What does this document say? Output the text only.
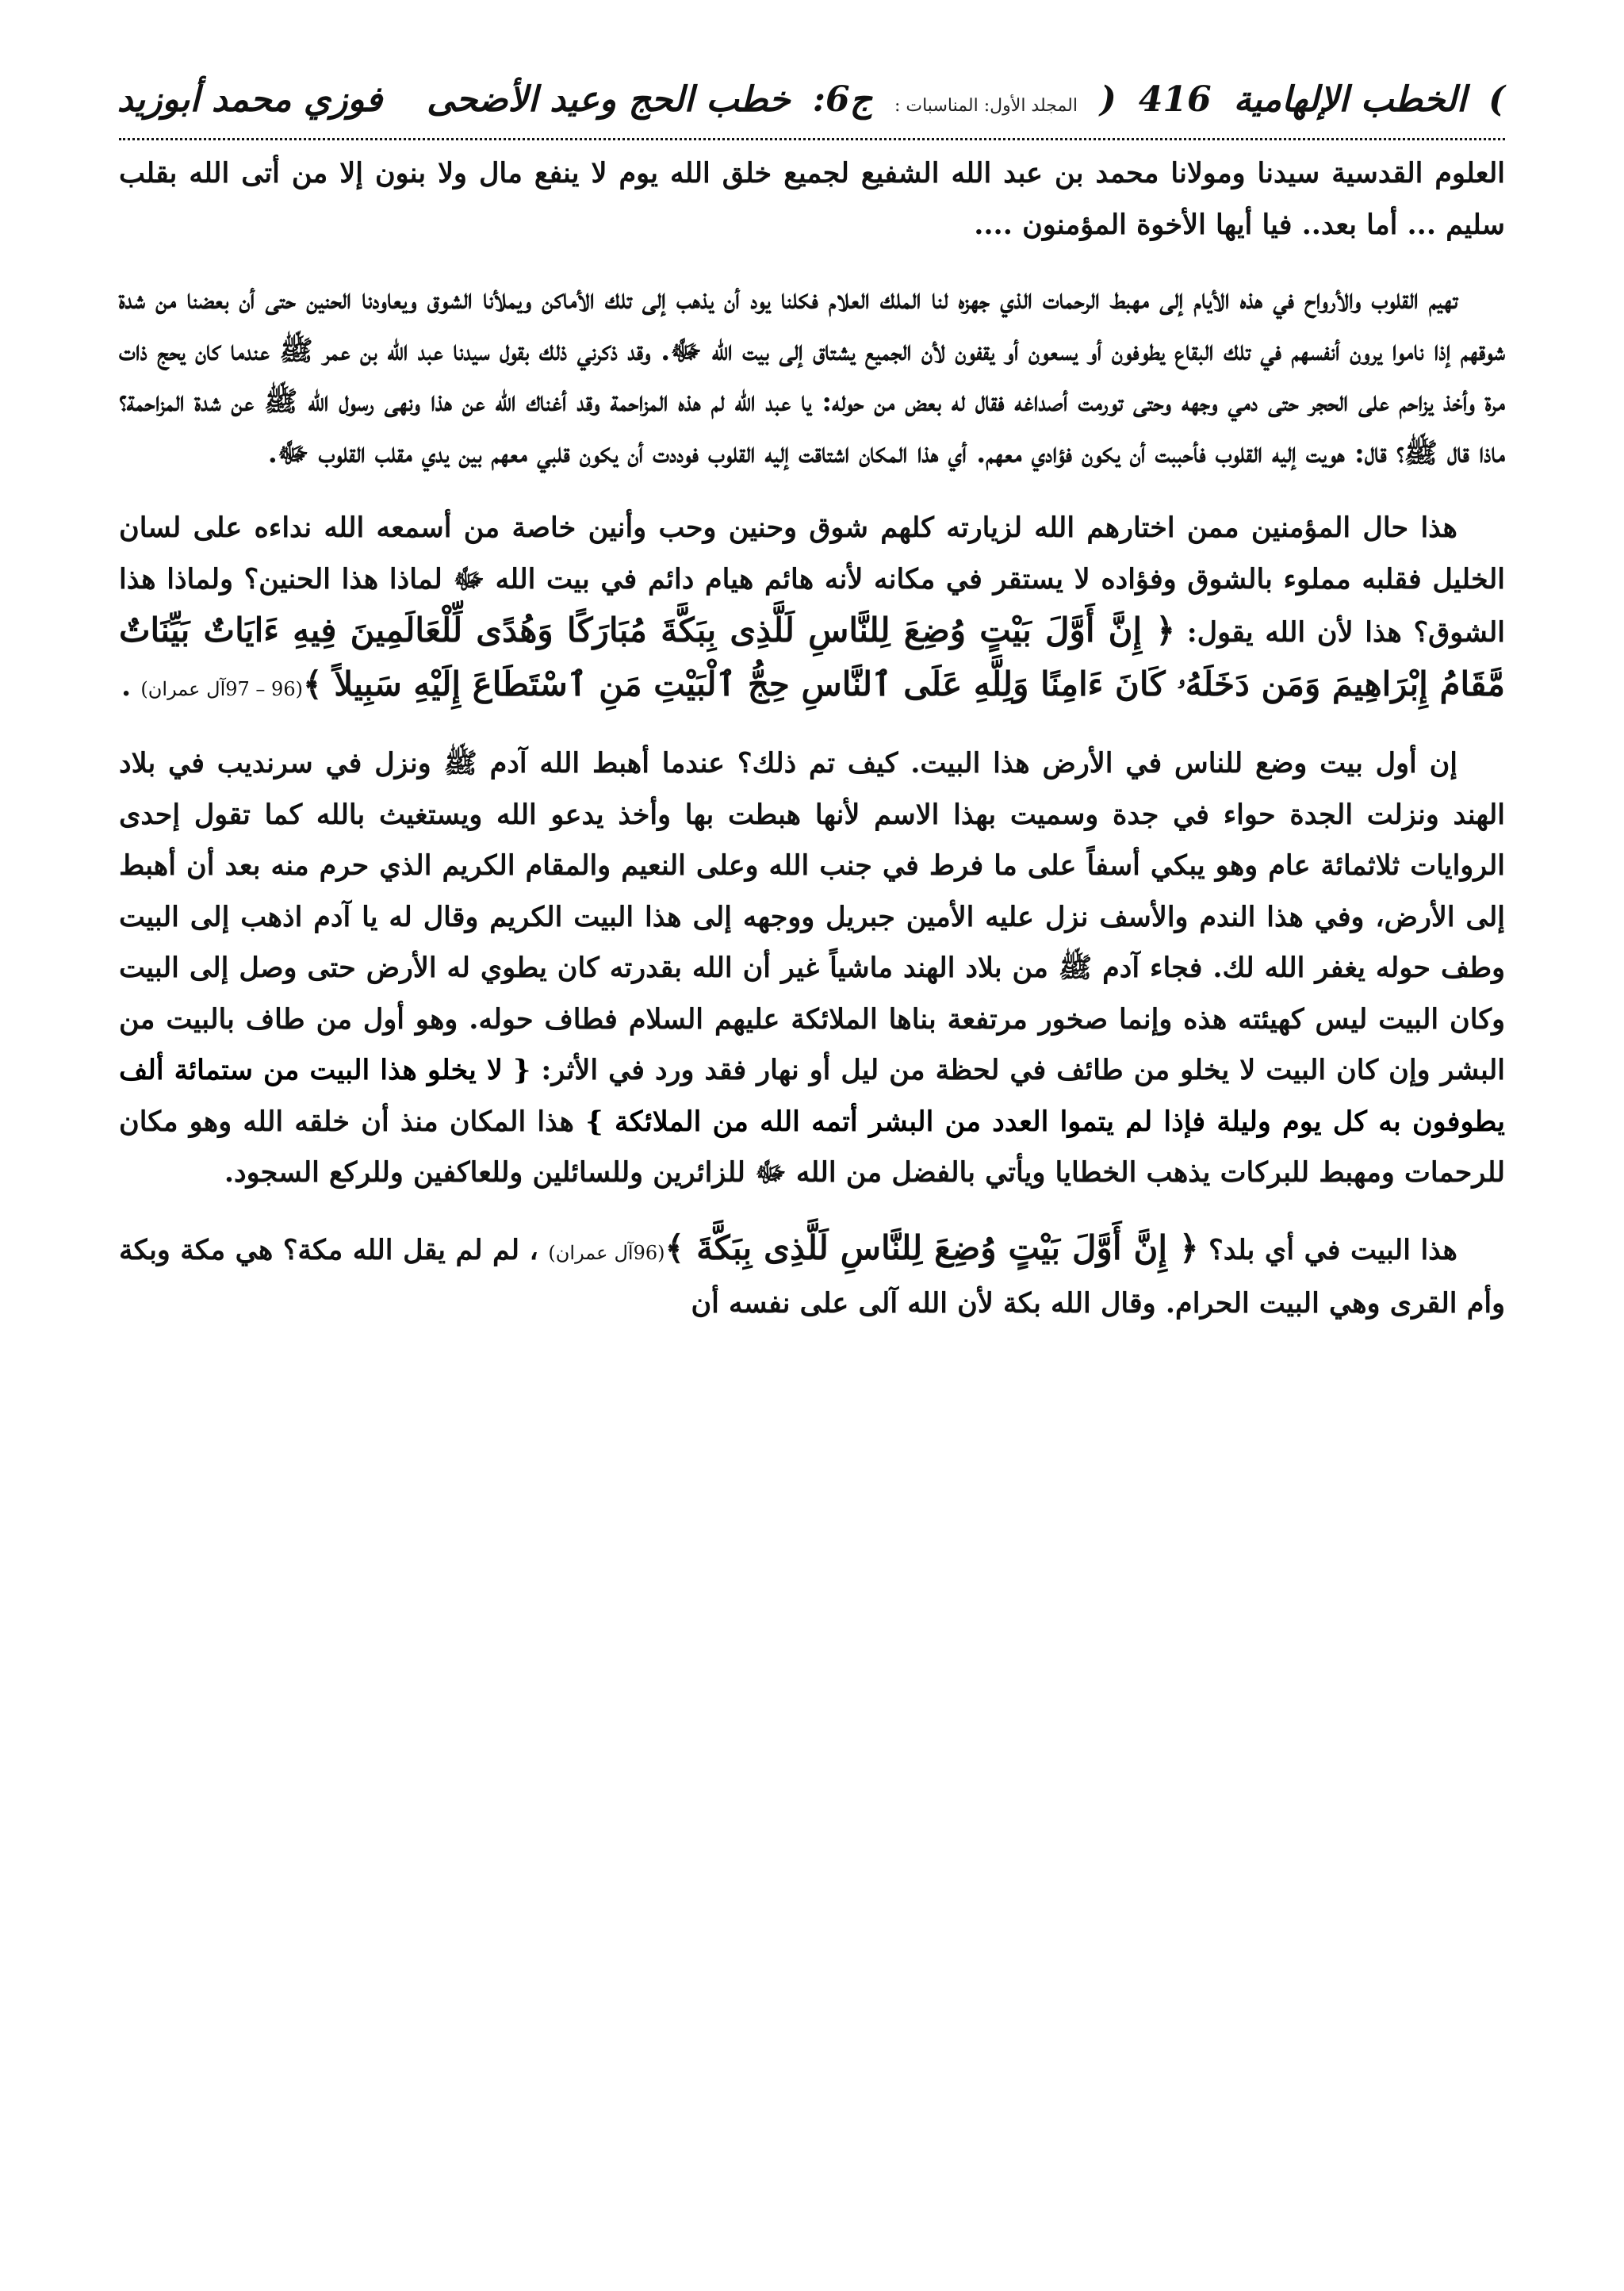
)
الخطب الإلهامية
416
(
المجلد الأول: المناسبات :
ج6:
خطب الحج وعيد الأضحى
فوزي محمد أبوزيد

العلوم القدسية سيدنا ومولانا محمد بن عبد الله الشفيع لجميع خلق الله يوم لا ينفع مال ولا بنون إلا من أتى الله بقلب سليم ... أما بعد.. فيا أيها الأخوة المؤمنون ....

تهيم القلوب والأرواح في هذه الأيام إلى مهبط الرحمات الذي جهزه لنا الملك العلام فكلنا يود أن يذهب إلى تلك الأماكن ويملأنا الشوق ويعاودنا الحنين حتى أن بعضنا من شدة شوقهم إذا ناموا يرون أنفسهم في تلك البقاع يطوفون أو يسعون أو يقفون لأن الجميع يشتاق إلى بيت الله ﷻ. وقد ذكرني ذلك بقول سيدنا عبد الله بن عمر ﷺ عندما كان يحج ذات مرة وأخذ يزاحم على الحجر حتى دمي وجهه وحتى تورمت أصداغه فقال له بعض من حوله: يا عبد الله لم هذه المزاحمة وقد أغناك الله عن هذا ونهى رسول الله ﷺ عن شدة المزاحمة؟ ماذا قال ﷺ؟ قال: هويت إليه القلوب فأحببت أن يكون فؤادي معهم. أي هذا المكان اشتاقت إليه القلوب فوددت أن يكون قلبي معهم بين يدي مقلب القلوب ﷻ.

هذا حال المؤمنين ممن اختارهم الله لزيارته كلهم شوق وحنين وحب وأنين خاصة من أسمعه الله نداءه على لسان الخليل فقلبه مملوء بالشوق وفؤاده لا يستقر في مكانه لأنه هائم هيام دائم في بيت الله ﷻ لماذا هذا الحنين؟ ولماذا هذا الشوق؟ هذا لأن الله يقول: ﴿ إِنَّ أَوَّلَ بَيْتٍ وُضِعَ لِلنَّاسِ لَلَّذِى بِبَكَّةَ مُبَارَكًا وَهُدًى لِّلْعَالَمِينَ فِيهِ ءَايَاتٌ بَيِّنَاتٌ مَّقَامُ إِبْرَاهِيمَ وَمَن دَخَلَهُۥ كَانَ ءَامِنًا وَلِلَّهِ عَلَى ٱلنَّاسِ حِجُّ ٱلْبَيْتِ مَنِ ٱسْتَطَاعَ إِلَيْهِ سَبِيلاً ﴾(96 – 97آل عمران) .

إن أول بيت وضع للناس في الأرض هذا البيت. كيف تم ذلك؟ عندما أهبط الله آدم ﷺ ونزل في سرنديب في بلاد الهند ونزلت الجدة حواء في جدة وسميت بهذا الاسم لأنها هبطت بها وأخذ يدعو الله ويستغيث بالله كما تقول إحدى الروايات ثلاثمائة عام وهو يبكي أسفاً على ما فرط في جنب الله وعلى النعيم والمقام الكريم الذي حرم منه بعد أن أهبط إلى الأرض، وفي هذا الندم والأسف نزل عليه الأمين جبريل ووجهه إلى هذا البيت الكريم وقال له يا آدم اذهب إلى البيت وطف حوله يغفر الله لك. فجاء آدم ﷺ من بلاد الهند ماشياً غير أن الله بقدرته كان يطوي له الأرض حتى وصل إلى البيت وكان البيت ليس كهيئته هذه وإنما صخور مرتفعة بناها الملائكة عليهم السلام فطاف حوله. وهو أول من طاف بالبيت من البشر وإن كان البيت لا يخلو من طائف في لحظة من ليل أو نهار فقد ورد في الأثر: { لا يخلو هذا البيت من ستمائة ألف يطوفون به كل يوم وليلة فإذا لم يتموا العدد من البشر أتمه الله من الملائكة } هذا المكان منذ أن خلقه الله وهو مكان للرحمات ومهبط للبركات يذهب الخطايا ويأتي بالفضل من الله ﷻ للزائرين وللسائلين وللعاكفين وللركع السجود.

هذا البيت في أي بلد؟ ﴿ إِنَّ أَوَّلَ بَيْتٍ وُضِعَ لِلنَّاسِ لَلَّذِى بِبَكَّةَ ﴾(96آل عمران) ، لم لم يقل الله مكة؟ هي مكة وبكة وأم القرى وهي البيت الحرام. وقال الله بكة لأن الله آلى على نفسه أن
